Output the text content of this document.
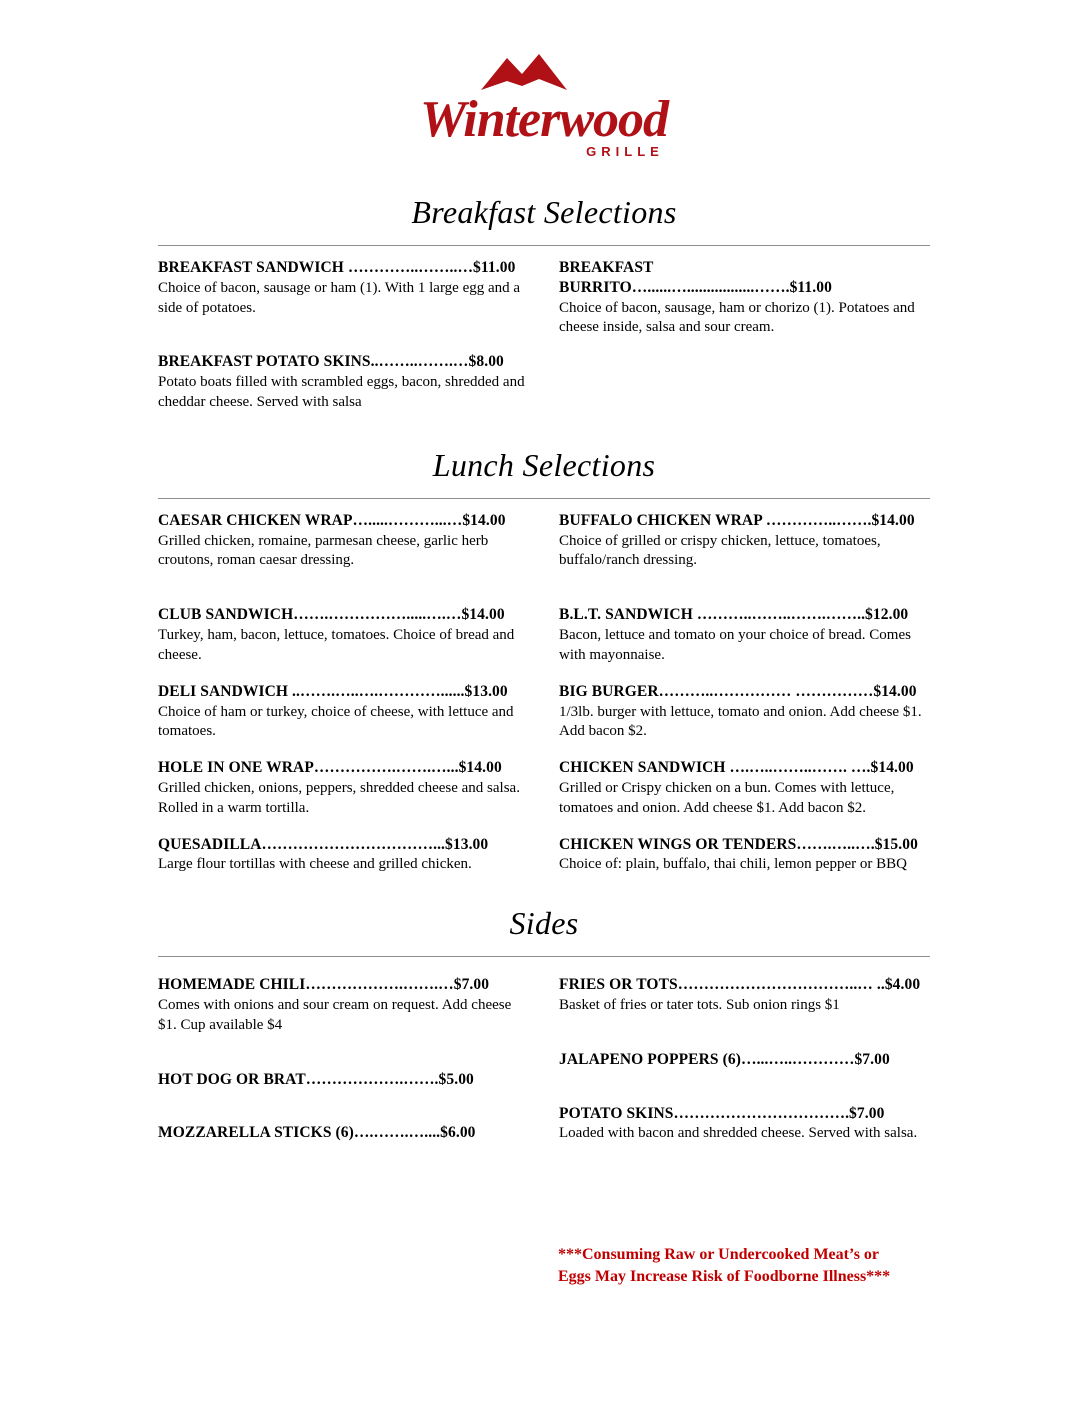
Winterwood
GRILLE
Breakfast Selections
BREAKFAST SANDWICH …………..……..…$11.00
Choice of bacon, sausage or ham (1). With 1 large egg and a side of potatoes.
BREAKFAST POTATO SKINS..……..…….…$8.00
Potato boats filled with scrambled eggs, bacon, shredded and cheddar cheese. Served with salsa
BREAKFAST BURRITO…......….................…….$11.00
Choice of bacon, sausage, ham or chorizo (1). Potatoes and cheese inside, salsa and sour cream.
Lunch Selections
CAESAR CHICKEN WRAP….....………...…$14.00
Grilled chicken, romaine, parmesan cheese, garlic herb croutons, roman caesar dressing.
CLUB SANDWICH…….…………….....….…$14.00
Turkey, ham, bacon, lettuce, tomatoes. Choice of bread and cheese.
DELI SANDWICH ..…….…..….…………......$13.00
Choice of ham or turkey, choice of cheese, with lettuce and tomatoes.
HOLE IN ONE WRAP…………….…….…...$14.00
Grilled chicken, onions, peppers, shredded cheese and salsa. Rolled in a warm tortilla.
QUESADILLA……………………………...$13.00
Large flour tortillas with cheese and grilled chicken.
BUFFALO CHICKEN WRAP …………..…….$14.00
Choice of grilled or crispy chicken, lettuce, tomatoes, buffalo/ranch dressing.
B.L.T. SANDWICH ………..……..…….……..$12.00
Bacon, lettuce and tomato on your choice of bread. Comes with mayonnaise.
BIG BURGER………..…………… ……………$14.00
1/3lb. burger with lettuce, tomato and onion. Add cheese $1. Add bacon $2.
CHICKEN SANDWICH ….…..……..……. ….$14.00
Grilled or Crispy chicken on a bun. Comes with lettuce, tomatoes and onion. Add cheese $1. Add bacon $2.
CHICKEN WINGS OR TENDERS…….…..….$15.00
Choice of: plain, buffalo, thai chili, lemon pepper or BBQ
Sides
HOMEMADE CHILI……………….…….…$7.00
Comes with onions and sour cream on request. Add cheese $1. Cup available $4
HOT DOG OR BRAT……………….…….$5.00
MOZZARELLA STICKS (6)….…….…....$6.00
FRIES OR TOTS……………………………..… ..$4.00
Basket of fries or tater tots. Sub onion rings $1
JALAPENO POPPERS (6)…...…..…………$7.00
POTATO SKINS…………………………….$7.00
Loaded with bacon and shredded cheese. Served with salsa.
***Consuming Raw or Undercooked Meat’s or
Eggs May Increase Risk of Foodborne Illness***
